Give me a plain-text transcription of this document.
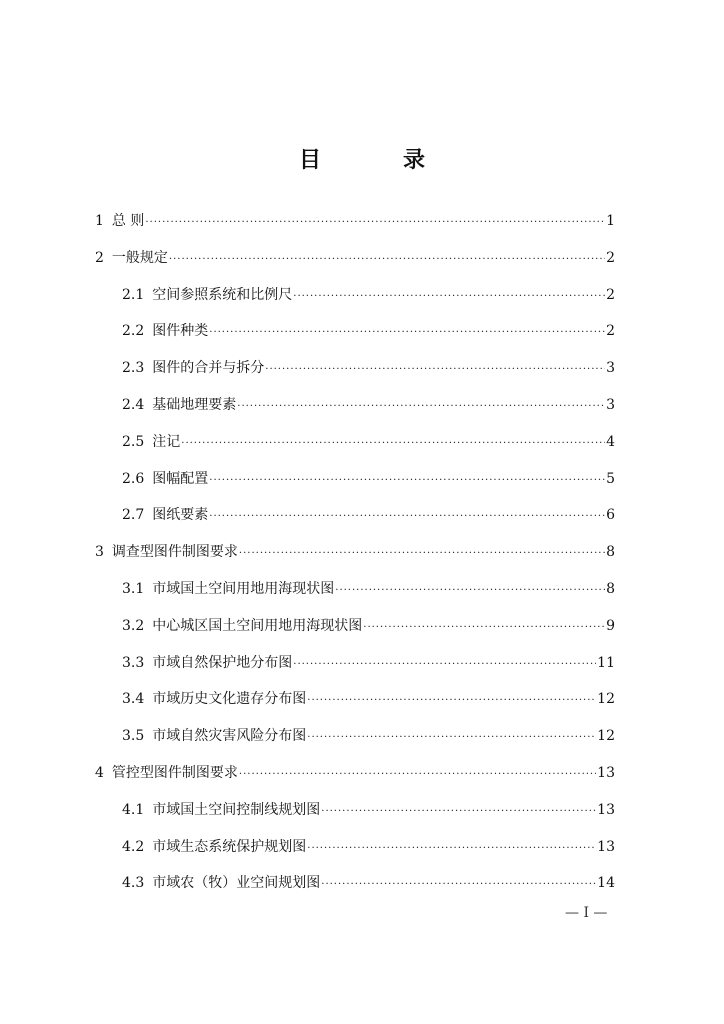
目　录
1 总 则 .....	1
2 一般规定 .....	2
2.1 空间参照系统和比例尺 .....	2
2.2 图件种类 .....	2
2.3 图件的合并与拆分 .....	3
2.4 基础地理要素 .....	3
2.5 注记 .....	4
2.6 图幅配置 .....	5
2.7 图纸要素 .....	6
3 调查型图件制图要求 .....	8
3.1 市域国土空间用地用海现状图 .....	8
3.2 中心城区国土空间用地用海现状图 .....	9
3.3 市域自然保护地分布图 .....	11
3.4 市域历史文化遗存分布图 .....	12
3.5 市域自然灾害风险分布图 .....	12
4 管控型图件制图要求 .....	13
4.1 市域国土空间控制线规划图 .....	13
4.2 市域生态系统保护规划图 .....	13
4.3 市域农（牧）业空间规划图 .....	14
— I —
